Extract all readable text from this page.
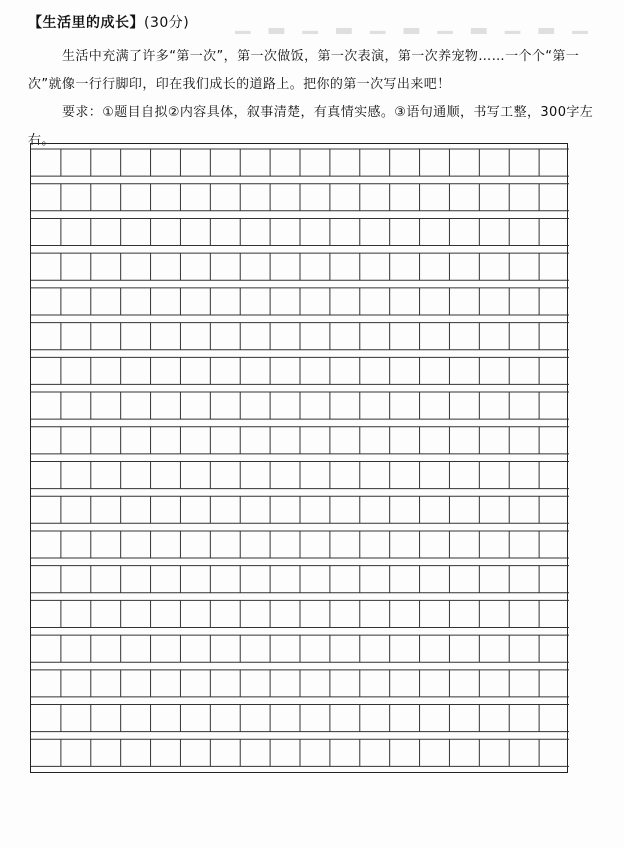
▁ ▂ ▁ ▂ ▁ ▂ ▁ ▂ ▁ ▂ ▁
【生活里的成长】(30分)
生活中充满了许多“第一次”，第一次做饭，第一次表演，第一次养宠物……一个个“第一次”就像一行行脚印，印在我们成长的道路上。把你的第一次写出来吧！
要求：①题目自拟②内容具体，叙事清楚，有真情实感。③语句通顺，书写工整，300字左右。
